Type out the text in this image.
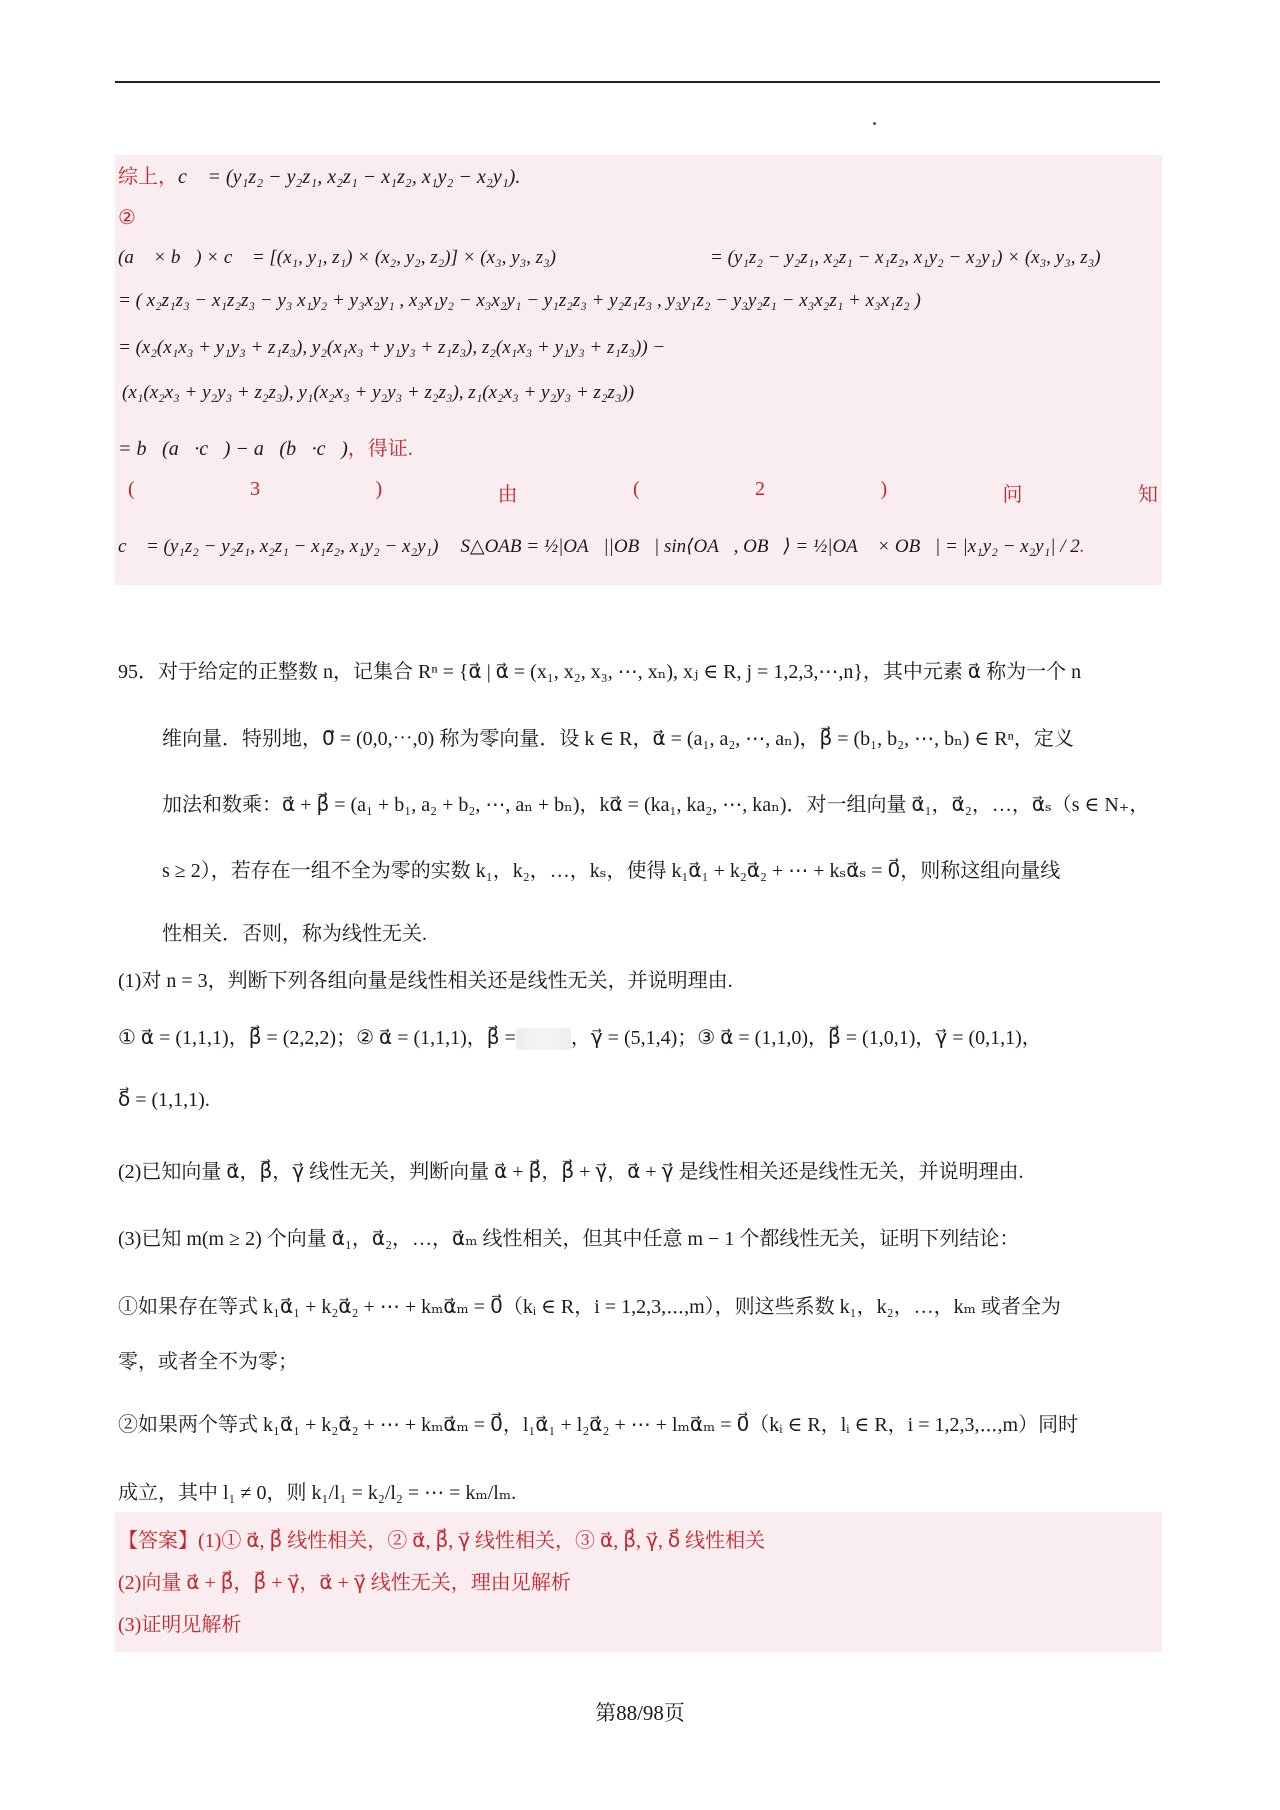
综上，c⃗ = (y₁z₂ − y₂z₁, x₂z₁ − x₁z₂, x₁y₂ − x₂y₁).
②
(a⃗ × b⃗) × c⃗ = [(x₁, y₁, z₁) × (x₂, y₂, z₂)] × (x₃, y₃, z₃)	= (y₁z₂ − y₂z₁, x₂z₁ − x₁z₂, x₁y₂ − x₂y₁) × (x₃, y₃, z₃)
= ( x₂z₁z₃ − x₁z₂z₃ − y₃ x₁y₂ + y₃x₂y₁ , x₃x₁y₂ − x₃x₂y₁ − y₁z₂z₃ + y₂z₁z₃ , y₃y₁z₂ − y₃y₂z₁ − x₃x₂z₁ + x₃x₁z₂ )
= (x₂(x₁x₃ + y₁y₃ + z₁z₃), y₂(x₁x₃ + y₁y₃ + z₁z₃), z₂(x₁x₃ + y₁y₃ + z₁z₃)) −
(x₁(x₂x₃ + y₂y₃ + z₂z₃), y₁(x₂x₃ + y₂y₃ + z₂z₃), z₁(x₂x₃ + y₂y₃ + z₂z₃))
= b⃗(a⃗·c⃗) − a⃗(b⃗·c⃗)，得证.
(	3	)	由	(	2	)	问	知
c⃗ = (y₁z₂ − y₂z₁, x₂z₁ − x₁z₂, x₁y₂ − x₂y₁) S△OAB = ½|OA⃗||OB⃗| sin⟨OA⃗, OB⃗⟩ = ½|OA⃗ × OB⃗| = |x₁y₂ − x₂y₁| / 2.
95．对于给定的正整数 n，记集合 Rⁿ = {α⃗ | α⃗ = (x₁, x₂, x₃, ⋯, xₙ), xⱼ ∈ R, j = 1,2,3,⋯,n}，其中元素 α⃗ 称为一个 n
维向量．特别地，0⃗ = (0,0,⋯,0) 称为零向量．设 k ∈ R，α⃗ = (a₁, a₂, ⋯, aₙ)，β⃗ = (b₁, b₂, ⋯, bₙ) ∈ Rⁿ，定义
加法和数乘：α⃗ + β⃗ = (a₁ + b₁, a₂ + b₂, ⋯, aₙ + bₙ)，kα⃗ = (ka₁, ka₂, ⋯, kaₙ)．对一组向量 α⃗₁，α⃗₂，…，α⃗ₛ（s ∈ N₊，
s ≥ 2），若存在一组不全为零的实数 k₁，k₂，…，kₛ，使得 k₁α⃗₁ + k₂α⃗₂ + ⋯ + kₛα⃗ₛ = 0⃗，则称这组向量线
性相关．否则，称为线性无关.
(1)对 n = 3，判断下列各组向量是线性相关还是线性无关，并说明理由.
① α⃗ = (1,1,1)，β⃗ = (2,2,2)；② α⃗ = (1,1,1)，β⃗ =	，γ⃗ = (5,1,4)；③ α⃗ = (1,1,0)，β⃗ = (1,0,1)，γ⃗ = (0,1,1)，
δ⃗ = (1,1,1).
(2)已知向量 α⃗，β⃗，γ⃗ 线性无关，判断向量 α⃗ + β⃗，β⃗ + γ⃗，α⃗ + γ⃗ 是线性相关还是线性无关，并说明理由.
(3)已知 m(m ≥ 2) 个向量 α⃗₁，α⃗₂，…，α⃗ₘ 线性相关，但其中任意 m − 1 个都线性无关，证明下列结论：
①如果存在等式 k₁α⃗₁ + k₂α⃗₂ + ⋯ + kₘα⃗ₘ = 0⃗（kᵢ ∈ R，i = 1,2,3,⋯,m），则这些系数 k₁，k₂，…，kₘ 或者全为
零，或者全不为零；
②如果两个等式 k₁α⃗₁ + k₂α⃗₂ + ⋯ + kₘα⃗ₘ = 0⃗，l₁α⃗₁ + l₂α⃗₂ + ⋯ + lₘα⃗ₘ = 0⃗（kᵢ ∈ R，lᵢ ∈ R，i = 1,2,3,⋯,m）同时
成立，其中 l₁ ≠ 0，则 k₁/l₁ = k₂/l₂ = ⋯ = kₘ/lₘ.
【答案】(1)① α⃗, β⃗ 线性相关，② α⃗, β⃗, γ⃗ 线性相关，③ α⃗, β⃗, γ⃗, δ⃗ 线性相关
(2)向量 α⃗ + β⃗，β⃗ + γ⃗，α⃗ + γ⃗ 线性无关，理由见解析
(3)证明见解析
第88/98页
